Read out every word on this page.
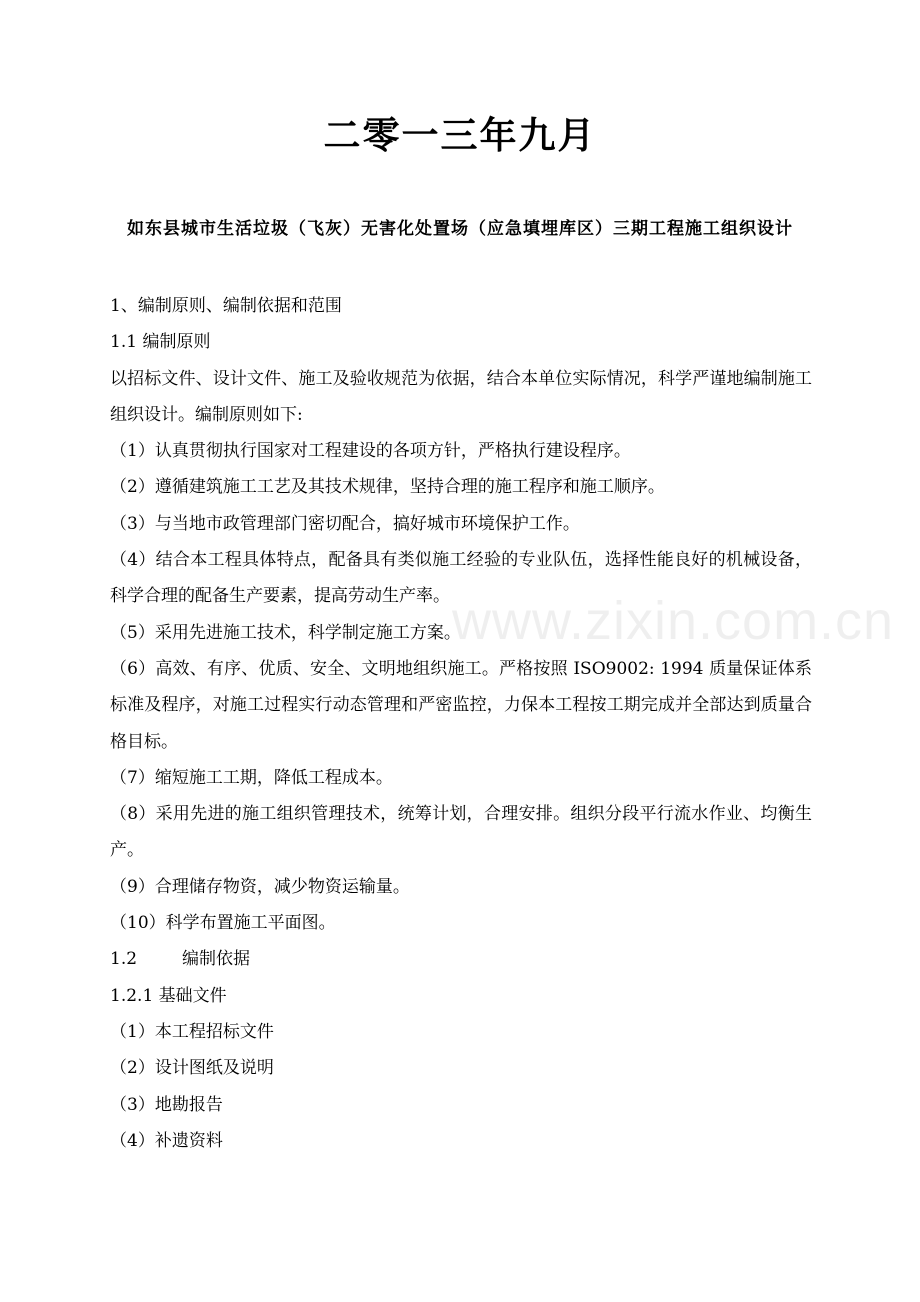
二零一三年九月
如东县城市生活垃圾（飞灰）无害化处置场（应急填埋库区）三期工程施工组织设计

1、编制原则、编制依据和范围

1.1 编制原则

以招标文件、设计文件、施工及验收规范为依据，结合本单位实际情况，科学严谨地编制施工组织设计。编制原则如下:

（1）认真贯彻执行国家对工程建设的各项方针，严格执行建设程序。

（2）遵循建筑施工工艺及其技术规律，坚持合理的施工程序和施工顺序。

（3）与当地市政管理部门密切配合，搞好城市环境保护工作。

（4）结合本工程具体特点，配备具有类似施工经验的专业队伍，选择性能良好的机械设备，科学合理的配备生产要素，提高劳动生产率。

（5）采用先进施工技术，科学制定施工方案。

（6）高效、有序、优质、安全、文明地组织施工。严格按照 ISO9002: 1994 质量保证体系标准及程序，对施工过程实行动态管理和严密监控，力保本工程按工期完成并全部达到质量合格目标。

（7）缩短施工工期，降低工程成本。

（8）采用先进的施工组织管理技术，统筹计划，合理安排。组织分段平行流水作业、均衡生产。

（9）合理储存物资，减少物资运输量。

（10）科学布置施工平面图。

1.2	编制依据

1.2.1 基础文件

（1）本工程招标文件

（2）设计图纸及说明

（3）地勘报告

（4）补遗资料

www.zixin.com.cn
